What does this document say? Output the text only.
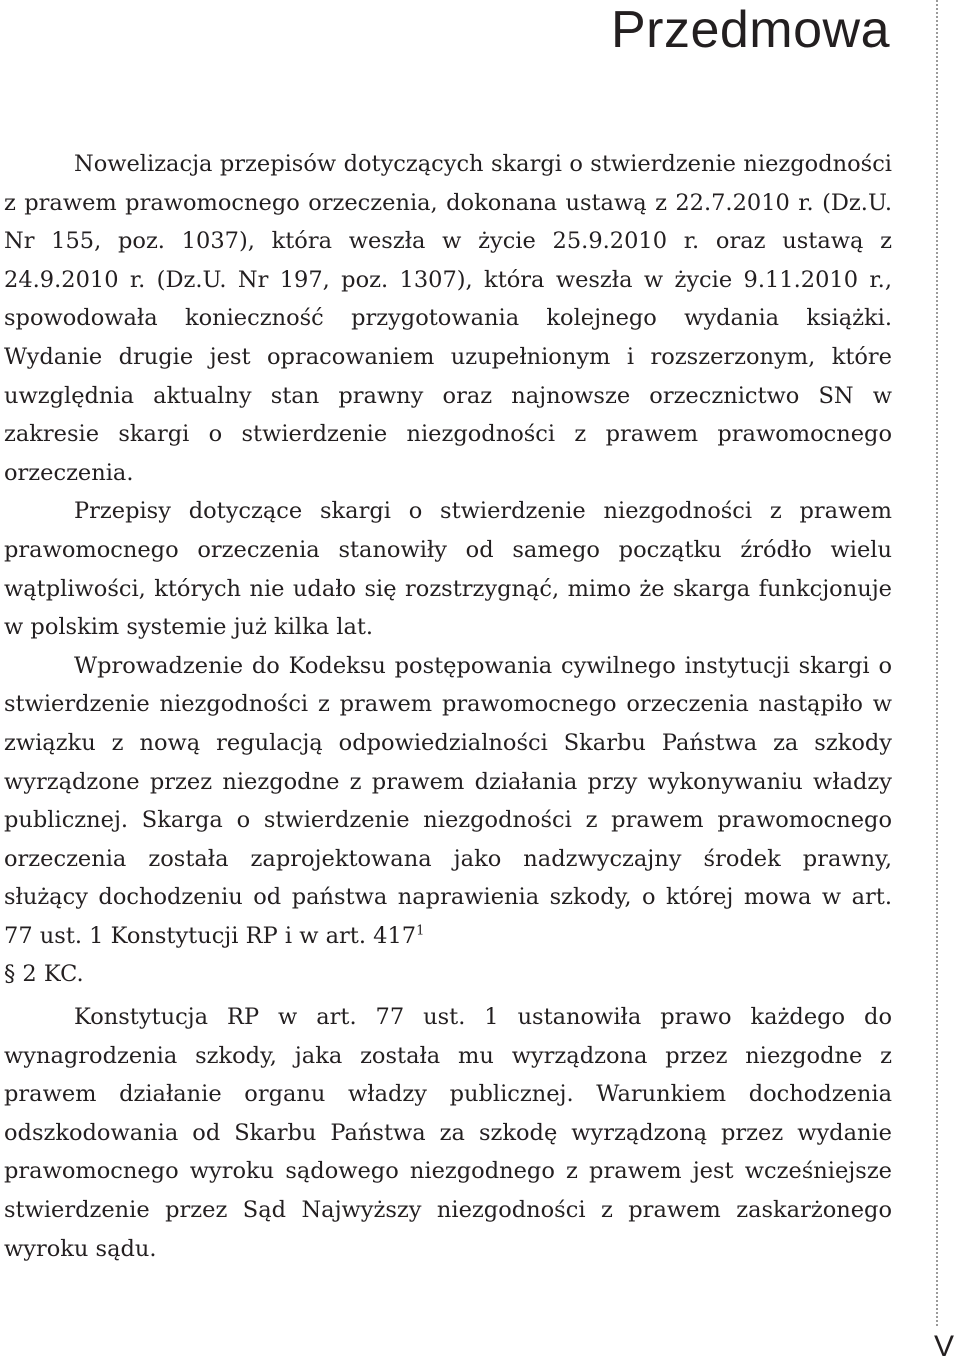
Przedmowa

Nowelizacja przepisów dotyczących skargi o stwierdzenie niezgodności z prawem prawomocnego orzeczenia, dokonana ustawą z 22.7.2010 r. (Dz.U. Nr 155, poz. 1037), która weszła w życie 25.9.2010 r. oraz ustawą z 24.9.2010 r. (Dz.U. Nr 197, poz. 1307), która weszła w życie 9.11.2010 r., spowodowała konieczność przygotowania kolejnego wydania książki. Wydanie drugie jest opracowaniem uzupełnionym i rozszerzonym, które uwzględnia aktualny stan prawny oraz najnowsze orzecznictwo SN w zakresie skargi o stwierdzenie niezgodności z prawem prawomocnego orzeczenia.

Przepisy dotyczące skargi o stwierdzenie niezgodności z prawem prawomocnego orzeczenia stanowiły od samego początku źródło wielu wątpliwości, których nie udało się rozstrzygnąć, mimo że skarga funkcjonuje w polskim systemie już kilka lat.

Wprowadzenie do Kodeksu postępowania cywilnego instytucji skargi o stwierdzenie niezgodności z prawem prawomocnego orzeczenia nastąpiło w związku z nową regulacją odpowiedzialności Skarbu Państwa za szkody wyrządzone przez niezgodne z prawem działania przy wykonywaniu władzy publicznej. Skarga o stwierdzenie niezgodności z prawem prawomocnego orzeczenia została zaprojektowana jako nadzwyczajny środek prawny, służący dochodzeniu od państwa naprawienia szkody, o której mowa w art. 77 ust. 1 Konstytucji RP i w art. $417^1$
§ 2 KC.

Konstytucja RP w art. 77 ust. 1 ustanowiła prawo każdego do wynagrodzenia szkody, jaka została mu wyrządzona przez niezgodne z prawem działanie organu władzy publicznej. Warunkiem dochodzenia odszkodowania od Skarbu Państwa za szkodę wyrządzoną przez wydanie prawomocnego wyroku sądowego niezgodnego z prawem jest wcześniejsze stwierdzenie przez Sąd Najwyższy niezgodności z prawem zaskarżonego wyroku sądu.

V
